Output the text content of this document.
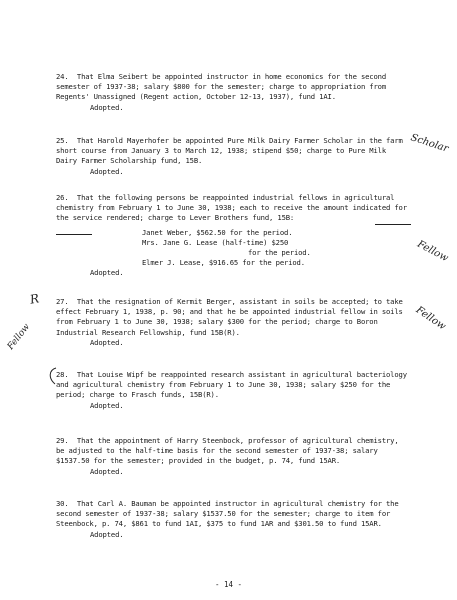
24.  That Elma Seibert be appointed instructor in home economics for the second semester of 1937-38; salary $800 for the semester; charge to appropriation from Regents' Unassigned (Regent action, October 12-13, 1937), fund 1AI.

Adopted.

25.  That Harold Mayerhofer be appointed Pure Milk Dairy Farmer Scholar in the farm short course from January 3 to March 12, 1938; stipend $50; charge to Pure Milk Dairy Farmer Scholarship fund, 15B.

Adopted.

26.  That the following persons be reappointed industrial fellows in agricultural chemistry from February 1 to June 30, 1938; each to receive the amount indicated for the service rendered; charge to Lever Brothers fund, 15B:

Janet Weber, $562.50 for the period.
Mrs. Jane G. Lease (half-time) $250
for the period.
Elmer J. Lease, $916.65 for the period.
Adopted.

27.  That the resignation of Kermit Berger, assistant in soils be accepted; to take effect February 1, 1938, p. 90; and that he be appointed industrial fellow in soils from February 1 to June 30, 1938; salary $300 for the period; charge to Boron Industrial Research Fellowship, fund 15B(R).

Adopted.

28.  That Louise Wipf be reappointed research assistant in agricultural bacteriology and agricultural chemistry from February 1 to June 30, 1938; salary $250 for the period; charge to Frasch funds, 15B(R).

Adopted.

29.  That the appointment of Harry Steenbock, professor of agricultural chemistry, be adjusted to the half-time basis for the second semester of 1937-38; salary $1537.50 for the semester; provided in the budget, p. 74, fund 15AR.

Adopted.

30.  That Carl A. Bauman be appointed instructor in agricultural chemistry for the second semester of 1937-38; salary $1537.50 for the semester; charge to item for Steenbock, p. 74, $861 to fund 1AI, $375 to fund 1AR and $301.50 to fund 15AR.

Adopted.
Scholar
Fellow
Fellow
R
Fellow
- 14 -
